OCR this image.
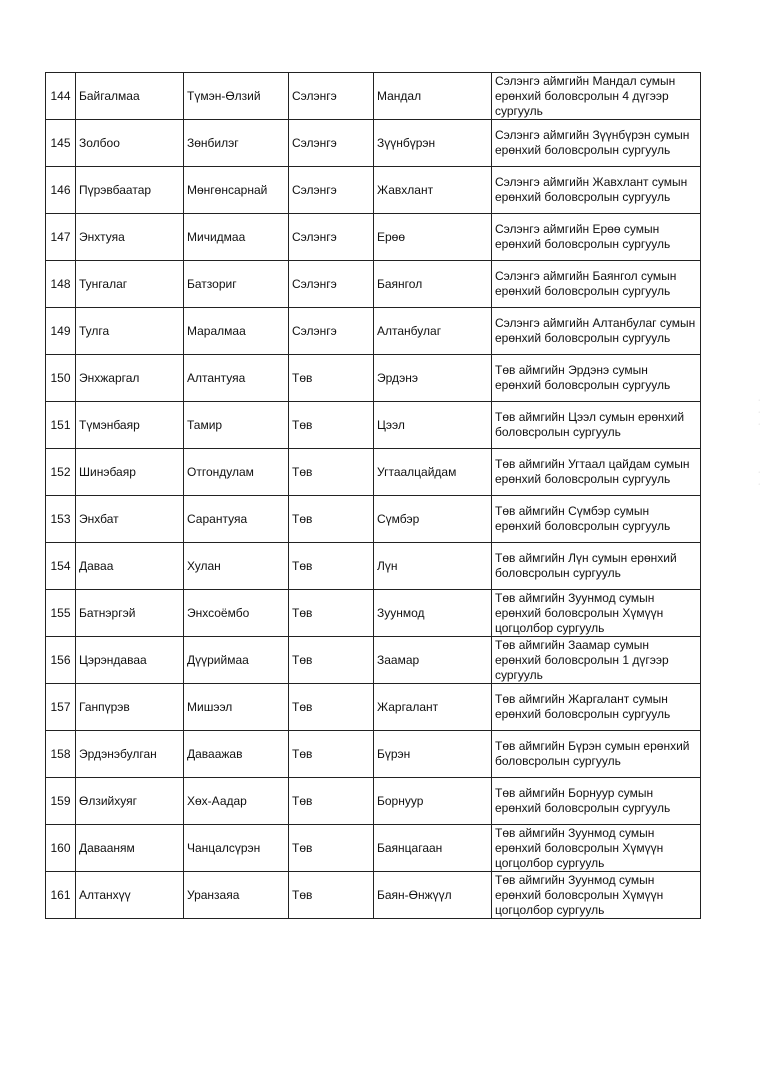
144	Байгалмаа	Түмэн-Өлзий	Сэлэнгэ	Мандал	Сэлэнгэ аймгийн Мандал сумын ерөнхий боловсролын 4 дүгээр сургууль
145	Золбоо	Зөнбилэг	Сэлэнгэ	Зүүнбүрэн	Сэлэнгэ аймгийн Зүүнбүрэн сумын ерөнхий боловсролын сургууль
146	Пүрэвбаатар	Мөнгөнсарнай	Сэлэнгэ	Жавхлант	Сэлэнгэ аймгийн Жавхлант сумын ерөнхий боловсролын сургууль
147	Энхтуяа	Мичидмаа	Сэлэнгэ	Ерөө	Сэлэнгэ аймгийн Ерөө сумын ерөнхий боловсролын сургууль
148	Тунгалаг	Батзориг	Сэлэнгэ	Баянгол	Сэлэнгэ аймгийн Баянгол сумын ерөнхий боловсролын сургууль
149	Тулга	Маралмаа	Сэлэнгэ	Алтанбулаг	Сэлэнгэ аймгийн Алтанбулаг сумын ерөнхий боловсролын сургууль
150	Энхжаргал	Алтантуяа	Төв	Эрдэнэ	Төв аймгийн Эрдэнэ сумын ерөнхий боловсролын сургууль
151	Түмэнбаяр	Тамир	Төв	Цээл	Төв аймгийн Цээл сумын ерөнхий боловсролын сургууль
152	Шинэбаяр	Отгондулам	Төв	Угтаалцайдам	Төв аймгийн Угтаал цайдам сумын ерөнхий боловсролын сургууль
153	Энхбат	Сарантуяа	Төв	Сүмбэр	Төв аймгийн Сүмбэр сумын ерөнхий боловсролын сургууль
154	Даваа	Хулан	Төв	Лүн	Төв аймгийн Лүн сумын ерөнхий боловсролын сургууль
155	Батнэргэй	Энхсоёмбо	Төв	Зуунмод	Төв аймгийн Зуунмод сумын ерөнхий боловсролын Хүмүүн цогцолбор сургууль
156	Цэрэндаваа	Дүүриймаа	Төв	Заамар	Төв аймгийн Заамар сумын ерөнхий боловсролын 1 дүгээр сургууль
157	Ганпүрэв	Мишээл	Төв	Жаргалант	Төв аймгийн Жаргалант сумын ерөнхий боловсролын сургууль
158	Эрдэнэбулган	Даваажав	Төв	Бүрэн	Төв аймгийн Бүрэн сумын ерөнхий боловсролын сургууль
159	Өлзийхуяг	Хөх-Аадар	Төв	Борнуур	Төв аймгийн Борнуур сумын ерөнхий боловсролын сургууль
160	Давааням	Чанцалсүрэн	Төв	Баянцагаан	Төв аймгийн Зуунмод сумын ерөнхий боловсролын Хүмүүн цогцолбор сургууль
161	Алтанхүү	Уранзаяа	Төв	Баян-Өнжүүл	Төв аймгийн Зуунмод сумын ерөнхий боловсролын Хүмүүн цогцолбор сургууль
·
·
·

·
·
